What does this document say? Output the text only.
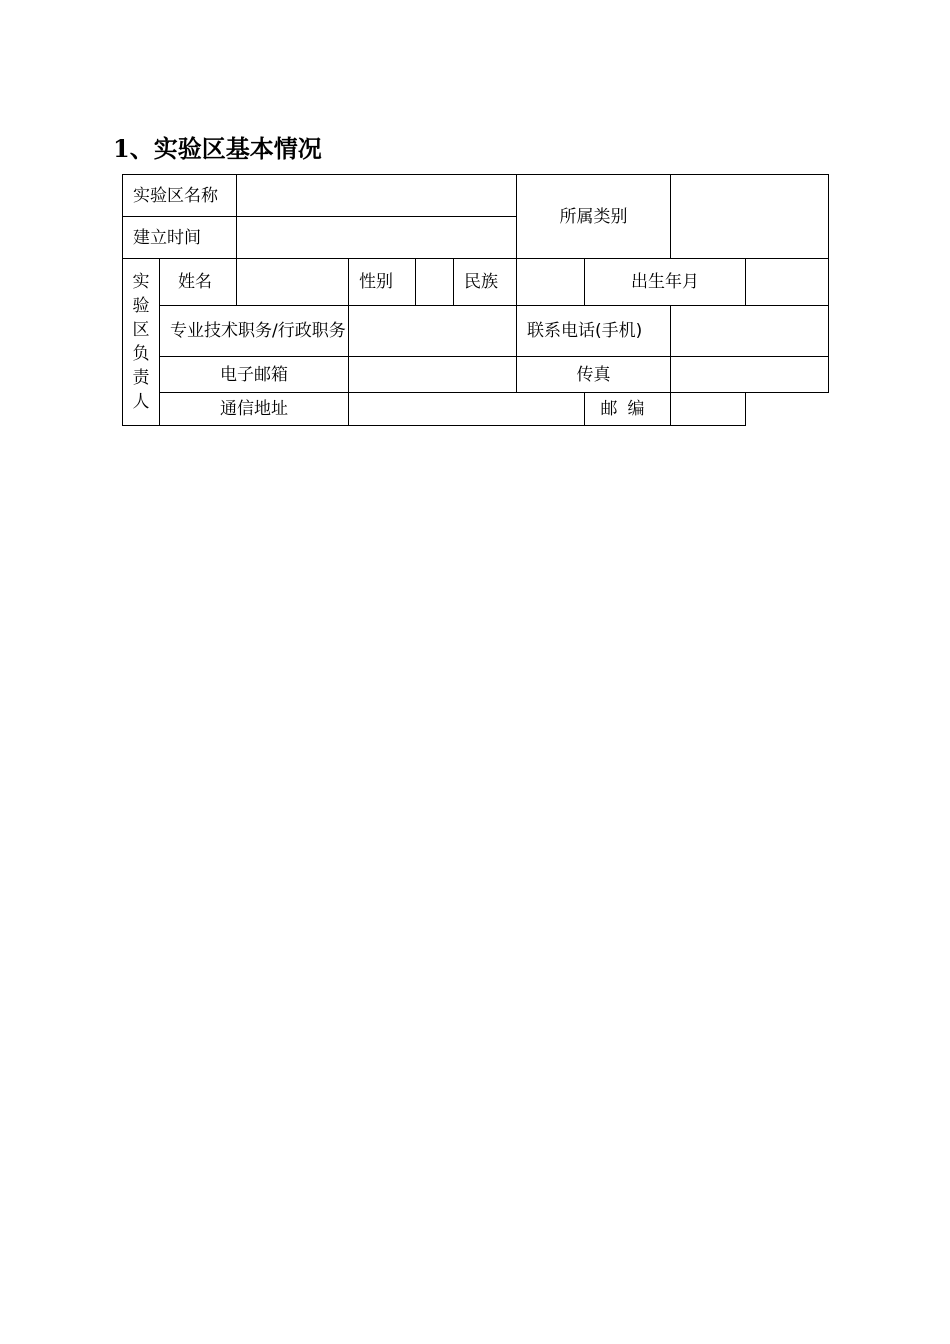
1、实验区基本情况
实验区名称						所属类别			
建立时间									
实验区负责人	姓名		性别		民族		出生年月		

	专业技术职务/行政职务					联系电话(手机)			
	电子邮箱					传真			
	通信地址						邮编		
